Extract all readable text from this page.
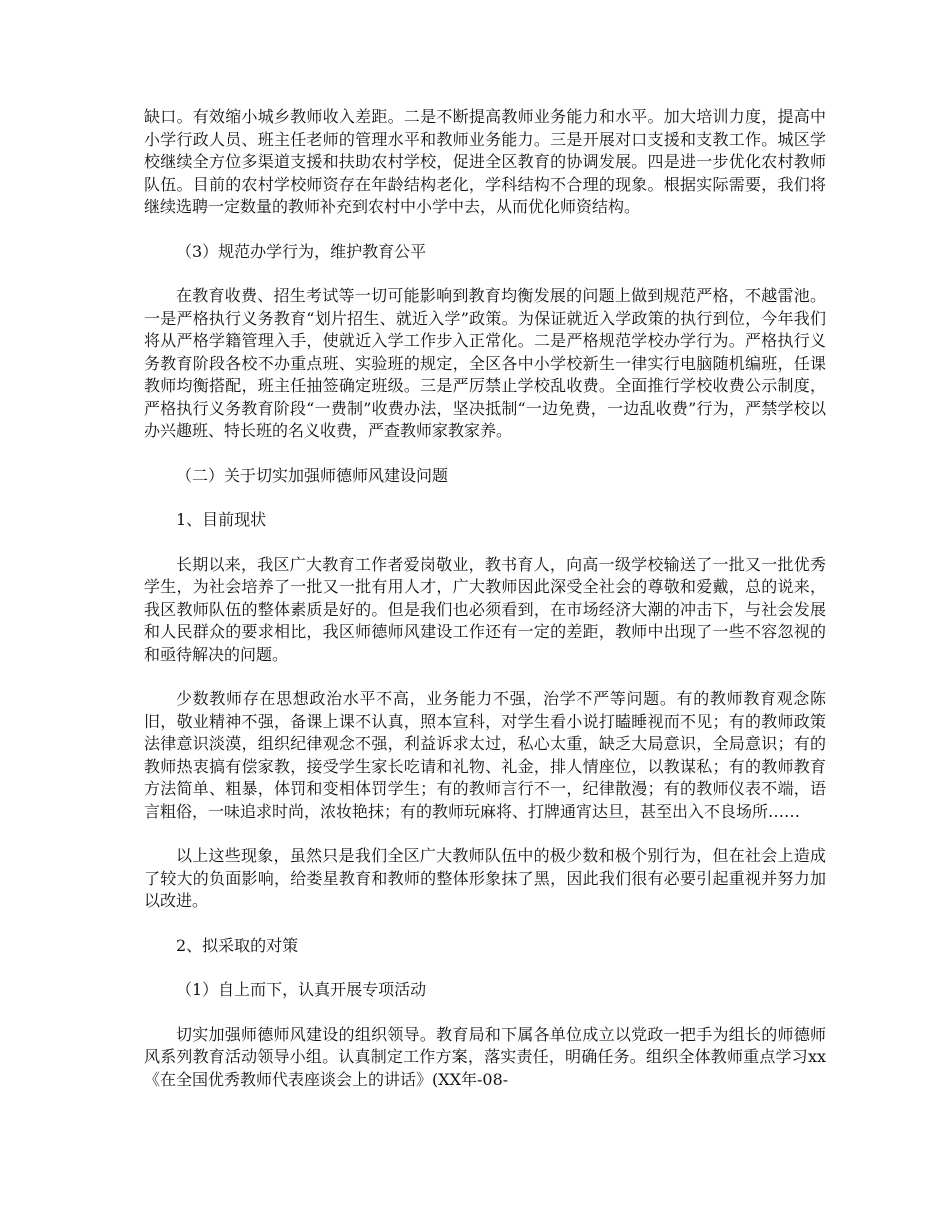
缺口。有效缩小城乡教师收入差距。二是不断提高教师业务能力和水平。加大培训力度，提高中小学行政人员、班主任老师的管理水平和教师业务能力。三是开展对口支援和支教工作。城区学校继续全方位多渠道支援和扶助农村学校，促进全区教育的协调发展。四是进一步优化农村教师队伍。目前的农村学校师资存在年龄结构老化，学科结构不合理的现象。根据实际需要，我们将继续选聘一定数量的教师补充到农村中小学中去，从而优化师资结构。

（3）规范办学行为，维护教育公平

在教育收费、招生考试等一切可能影响到教育均衡发展的问题上做到规范严格，不越雷池。一是严格执行义务教育“划片招生、就近入学”政策。为保证就近入学政策的执行到位，今年我们将从严格学籍管理入手，使就近入学工作步入正常化。二是严格规范学校办学行为。严格执行义务教育阶段各校不办重点班、实验班的规定，全区各中小学校新生一律实行电脑随机编班，任课教师均衡搭配，班主任抽签确定班级。三是严厉禁止学校乱收费。全面推行学校收费公示制度，严格执行义务教育阶段“一费制”收费办法，坚决抵制“一边免费，一边乱收费”行为，严禁学校以办兴趣班、特长班的名义收费，严查教师家教家养。

（二）关于切实加强师德师风建设问题

1、目前现状

长期以来，我区广大教育工作者爱岗敬业，教书育人，向高一级学校输送了一批又一批优秀学生，为社会培养了一批又一批有用人才，广大教师因此深受全社会的尊敬和爱戴，总的说来，我区教师队伍的整体素质是好的。但是我们也必须看到，在市场经济大潮的冲击下，与社会发展和人民群众的要求相比，我区师德师风建设工作还有一定的差距，教师中出现了一些不容忽视的和亟待解决的问题。

少数教师存在思想政治水平不高，业务能力不强，治学不严等问题。有的教师教育观念陈旧，敬业精神不强，备课上课不认真，照本宣科，对学生看小说打瞌睡视而不见；有的教师政策法律意识淡漠，组织纪律观念不强，利益诉求太过，私心太重，缺乏大局意识，全局意识；有的教师热衷搞有偿家教，接受学生家长吃请和礼物、礼金，排人情座位，以教谋私；有的教师教育方法简单、粗暴，体罚和变相体罚学生；有的教师言行不一，纪律散漫；有的教师仪表不端，语言粗俗，一味追求时尚，浓妆艳抹；有的教师玩麻将、打牌通宵达旦，甚至出入不良场所……

以上这些现象，虽然只是我们全区广大教师队伍中的极少数和极个别行为，但在社会上造成了较大的负面影响，给娄星教育和教师的整体形象抹了黑，因此我们很有必要引起重视并努力加以改进。

2、拟采取的对策

（1）自上而下，认真开展专项活动

切实加强师德师风建设的组织领导。教育局和下属各单位成立以党政一把手为组长的师德师风系列教育活动领导小组。认真制定工作方案，落实责任，明确任务。组织全体教师重点学习xx《在全国优秀教师代表座谈会上的讲话》(XX年-08-
